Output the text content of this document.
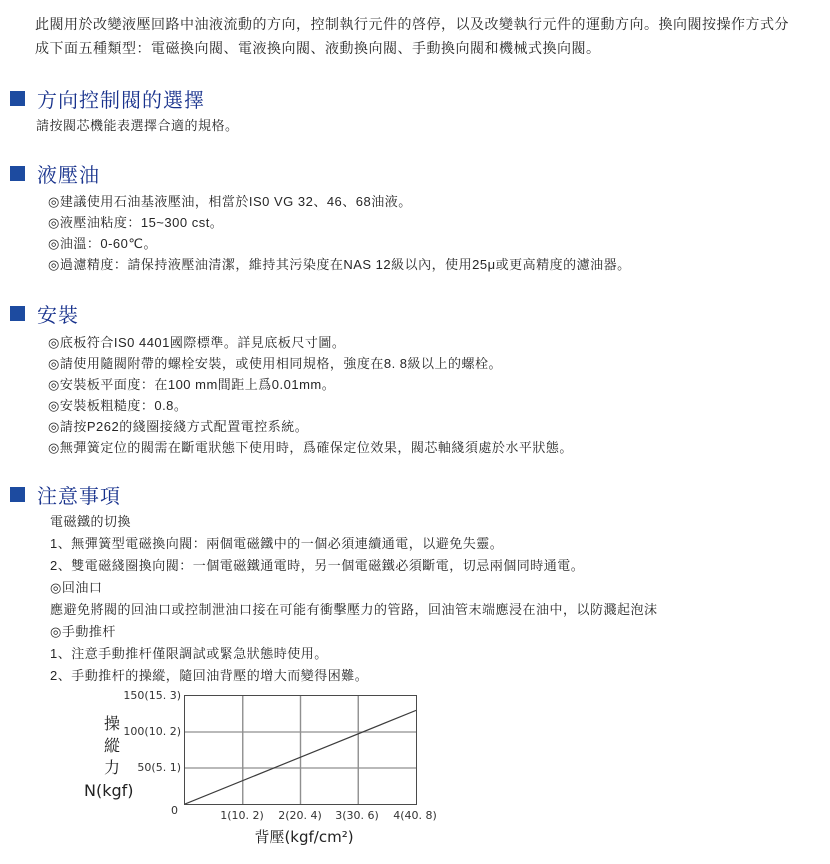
此閥用於改變液壓回路中油液流動的方向，控制執行元件的啓停，以及改變執行元件的運動方向。換向閥按操作方式分成下面五種類型：電磁換向閥、電液換向閥、液動換向閥、手動換向閥和機械式換向閥。

方向控制閥的選擇

請按閥芯機能表選擇合適的規格。

液壓油

◎建議使用石油基液壓油，相當於IS0 VG 32、46、68油液。

◎液壓油粘度：15~300 cst。

◎油溫：0-60℃。

◎過濾精度：請保持液壓油清潔，維持其污染度在NAS 12級以內，使用25μ或更高精度的濾油器。

安裝

◎底板符合IS0 4401國際標準。詳見底板尺寸圖。

◎請使用隨閥附帶的螺栓安裝，或使用相同規格，強度在8. 8級以上的螺栓。

◎安裝板平面度：在100 mm間距上爲0.01mm。

◎安裝板粗糙度：0.8。

◎請按P262的綫圈接綫方式配置電控系統。

◎無彈簧定位的閥需在斷電狀態下使用時，爲確保定位效果，閥芯軸綫須處於水平狀態。

注意事項

電磁鐵的切換

1、無彈簧型電磁換向閥：兩個電磁鐵中的一個必須連續通電，以避免失靈。

2、雙電磁綫圈換向閥：一個電磁鐵通電時，另一個電磁鐵必須斷電，切忌兩個同時通電。

◎回油口

應避免將閥的回油口或控制泄油口接在可能有衝擊壓力的管路，回油管末端應浸在油中，以防濺起泡沫

◎手動推杆

1、注意手動推杆僅限調試或緊急狀態時使用。

2、手動推杆的操縱，隨回油背壓的增大而變得困難。

操縱力
N(kgf)
150(15. 3)
100(10. 2)
50(5. 1)
0	1(10. 2)	2(20. 4)	3(30. 6)	4(40. 8)
背壓(kgf/cm²)
